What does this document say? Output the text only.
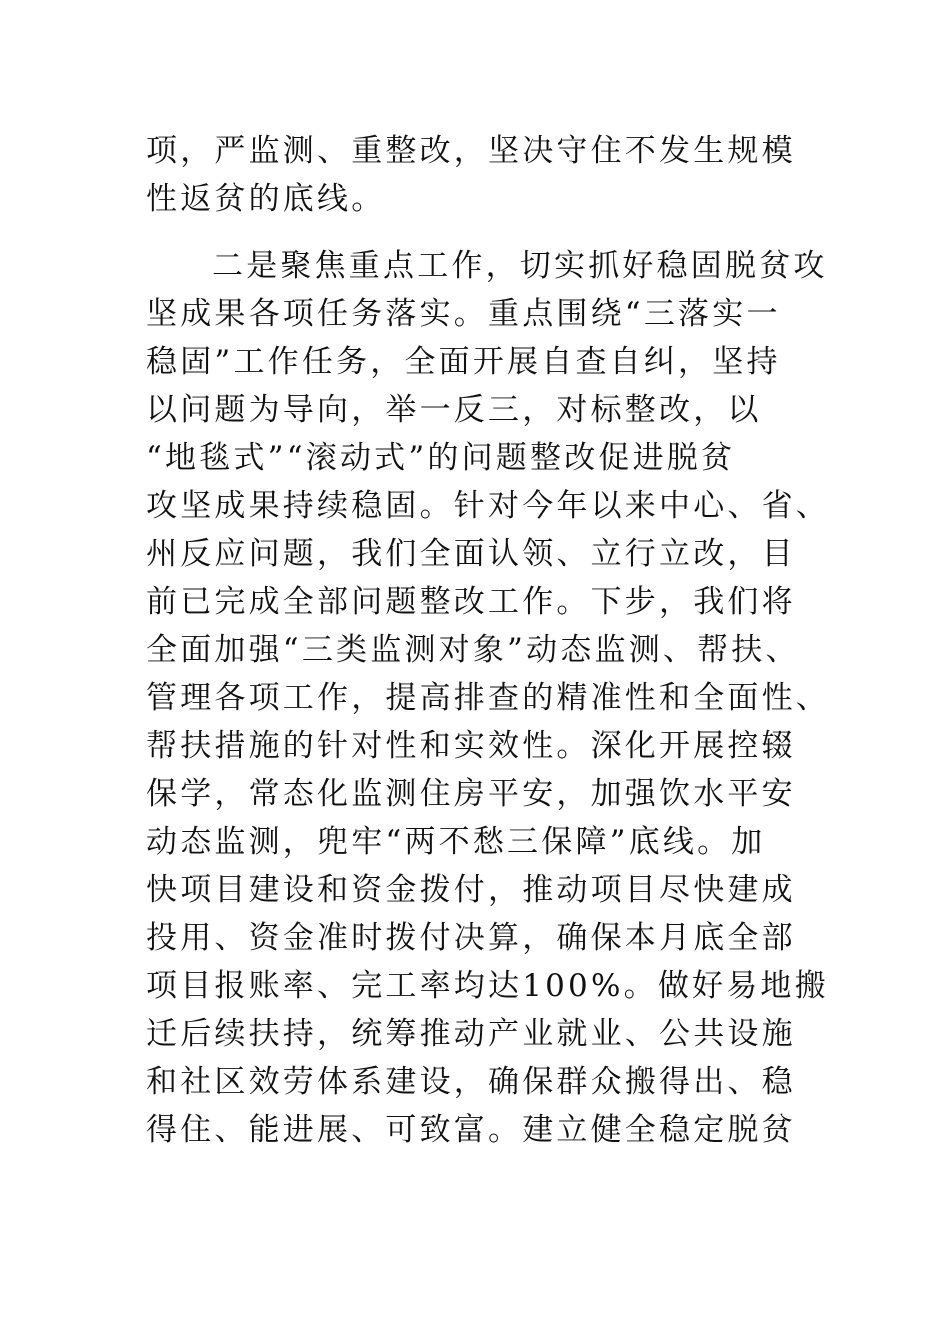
项，严监测、重整改，坚决守住不发生规模
性返贫的底线。
二是聚焦重点工作，切实抓好稳固脱贫攻
坚成果各项任务落实。重点围绕“三落实一
稳固”工作任务，全面开展自查自纠，坚持
以问题为导向，举一反三，对标整改，以
“地毯式”“滚动式”的问题整改促进脱贫
攻坚成果持续稳固。针对今年以来中心、省、
州反应问题，我们全面认领、立行立改，目
前已完成全部问题整改工作。下步，我们将
全面加强“三类监测对象”动态监测、帮扶、
管理各项工作，提高排查的精准性和全面性、
帮扶措施的针对性和实效性。深化开展控辍
保学，常态化监测住房平安，加强饮水平安
动态监测，兜牢“两不愁三保障”底线。加
快项目建设和资金拨付，推动项目尽快建成
投用、资金准时拨付决算，确保本月底全部
项目报账率、完工率均达100%。做好易地搬
迁后续扶持，统筹推动产业就业、公共设施
和社区效劳体系建设，确保群众搬得出、稳
得住、能进展、可致富。建立健全稳定脱贫
